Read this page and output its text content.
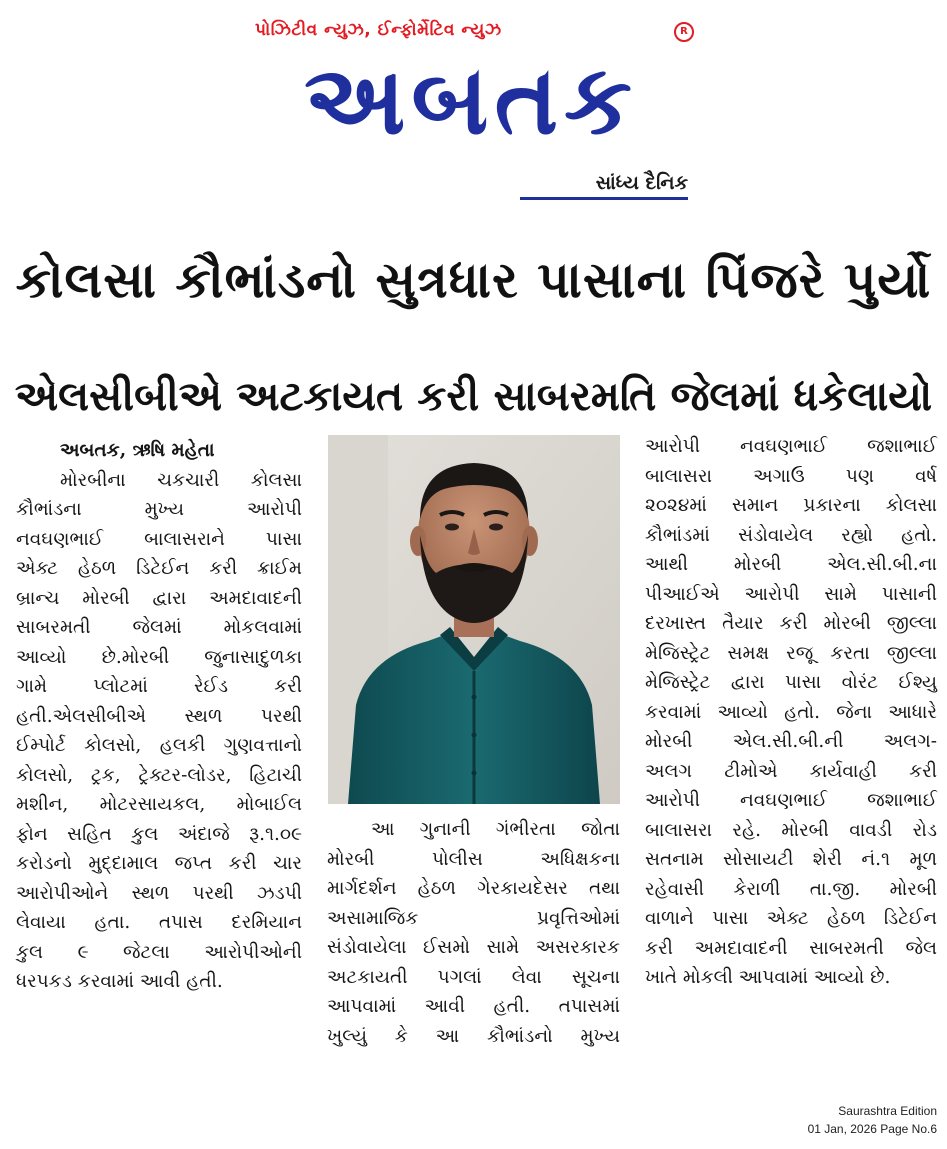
પોઝિટીવ ન્યુઝ, ઈન્ફોર્મેટિવ ન્યુઝ	R
અબતક
સાંધ્ય દૈનિક
કોલસા કૌભાંડનો સુત્રધાર પાસાના પિંજરે પુર્યો
એલસીબીએ અટકાયત કરી સાબરમતિ જેલમાં ધકેલાયો

અબતક, ઋષિ મહેતા

મોરબીના ચકચારી કોલસા

કૌભાંડના મુખ્ય આરોપી

નવઘણભાઈ બાલાસરાને પાસા

એક્ટ હેઠળ ડિટેઈન કરી ક્રાઈમ

બ્રાન્ચ મોરબી દ્વારા અમદાવાદની

સાબરમતી જેલમાં મોકલવામાં

આવ્યો છે.મોરબી જુનાસાદુળકા

ગામે પ્લોટમાં રેઈડ કરી

હતી.એલસીબીએ સ્થળ પરથી

ઈમ્પોર્ટ કોલસો, હલકી ગુણવત્તાનો

કોલસો, ટ્રક, ટ્રેક્ટર-લોડર, હિટાચી

મશીન, મોટરસાયકલ, મોબાઈલ

ફોન સહિત કુલ અંદાજે રૂ.૧.૦૯

કરોડનો મુદ્દામાલ જપ્ત કરી ચાર

આરોપીઓને સ્થળ પરથી ઝડપી

લેવાયા હતા. તપાસ દરમિયાન

કુલ ૯ જેટલા આરોપીઓની

ધરપકડ કરવામાં આવી હતી.

આ ગુનાની ગંભીરતા જોતા

મોરબી પોલીસ અધિક્ષકના

માર્ગદર્શન હેઠળ ગેરકાયદેસર તથા

અસામાજિક પ્રવૃત્તિઓમાં

સંડોવાયેલા ઈસમો સામે અસરકારક

અટકાયતી પગલાં લેવા સૂચના

આપવામાં આવી હતી. તપાસમાં

ખુલ્યું કે આ કૌભાંડનો મુખ્ય

આરોપી નવઘણભાઈ જશાભાઈ

બાલાસરા અગાઉ પણ વર્ષ

૨૦૨૪માં સમાન પ્રકારના કોલસા

કૌભાંડમાં સંડોવાયેલ રહ્યો હતો.

આથી મોરબી એલ.સી.બી.ના

પીઆઈએ આરોપી સામે પાસાની

દરખાસ્ત તૈયાર કરી મોરબી જીલ્લા

મેજિસ્ટ્રેટ સમક્ષ રજૂ કરતા જીલ્લા

મેજિસ્ટ્રેટ દ્વારા પાસા વોરંટ ઈશ્યુ

કરવામાં આવ્યો હતો. જેના આધારે

મોરબી એલ.સી.બી.ની અલગ-

અલગ ટીમોએ કાર્યવાહી કરી

આરોપી નવઘણભાઈ જશાભાઈ

બાલાસરા રહે. મોરબી વાવડી રોડ

સતનામ સોસાયટી શેરી નં.૧ મૂળ

રહેવાસી કેરાળી તા.જી. મોરબી

વાળાને પાસા એક્ટ હેઠળ ડિટેઈન

કરી અમદાવાદની સાબરમતી જેલ

ખાતે મોકલી આપવામાં આવ્યો છે.

Saurashtra Edition
01 Jan, 2026 Page No.6
